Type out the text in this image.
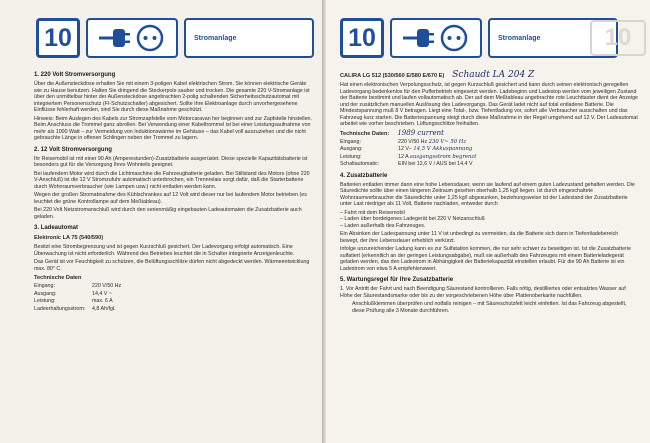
10	Stromanlage
1. 220 Volt Stromversorgung

Über die Außensteckdose erhalten Sie mit einem 3-poligen Kabel elektrischen Strom. Sie können elektrische Geräte wie zu Hause benutzen. Halten Sie dringend die Steckerpole sauber und trocken. Die gesamte 220 V-Stromanlage ist über den unmittelbar hinter der Außensteckdose angebrachten 2-polig schaltenden Sicherheitsschutzautomat mit integriertem Personenschutz (FI-Schutzschalter) abgesichert. Sollte Ihre Elektroanlage durch unvorhergesehene Einflüsse fehlerhaft werden, sind Sie durch diese Maßnahme geschützt.

Hinweis: Beim Auslegen des Kabels zur Stromzapfstelle vom Motorcaravan her beginnen und zur Zapfstelle hinstellen. Beim Anschluss die Trommel ganz abrollen. Bei Verwendung einer Kabeltrommel ist bei einer Leistungsaufnahme von mehr als 1000 Watt – zur Vermeidung von Induktionswärme im Gehäuse – das Kabel voll auszuziehen und die nicht gebrauchte Länge in offenen Schlingen neben der Trommel zu lagern.

2. 12 Volt Stromversorgung

Ihr Reisemobil ist mit einer 90 Ah (Amperestunden)-Zusatzbatterie ausgerüstet. Diese spezielle Kapazitätsbatterie ist besonders gut für die Versorgung Ihres Wohnteils geeignet.

Bei laufendem Motor wird durch die Lichtmaschine die Fahrzeugbatterie geladen. Bei Stillstand des Motors (ohne 220 V-Anschluß) ist die 12 V Stromzufuhr automatisch unterbrochen, ein Trennrelais sorgt dafür, daß die Starterbatterie durch Wohnraumverbraucher (wie Lampen usw.) nicht entladen werden kann.

Wegen der großen Stromabnahme des Kühlschrankes auf 12 Volt wird dieser nur bei laufendem Motor betrieben (es leuchtet die grüne Kontrollampe auf dem Meßtableau).

Bei 220 Volt Netzstromanschluß wird durch den serienmäßig eingebauten Ladeautomaten die Zusatzbatterie auch geladen.

3. Ladeautomat
Elektronic LA 75 (540/590)

Besitzt eine Strombegrenzung und ist gegen Kurzschluß gesichert. Der Ladevorgang erfolgt automatisch. Eine Überwachung ist nicht erforderlich. Während des Betriebes leuchtet die in Schalter integrierte Anzeigenleuchte.

Das Gerät ist vor Feuchtigkeit zu schützen, die Belüftungsschlitze dürfen nicht abgedeckt werden. Wärmeentwicklung max. 80° C.

Technische Daten
Eingang:	220 V/50 Hz
Ausgang:	14,4 V ~
Leistung:	max. 6 A
Ladeerhaltungsstrom:	4,8 Ah/fgl.
10	Stromanlage	10
CALIRA LG 512 (530/560 E/580 E/670 E) Schaudt LA 204 Z

Hat einen elektronischen Verpolungsschutz, ist gegen Kurzschluß gesichert und kann durch seinen elektronisch geregelten Ladevorgang bedenkenlos für den Pufferbetrieb eingesetzt werden. Ladebeginn und Ladestop werden vom jeweiligen Zustand der Batterie bestimmt und laufen vollautomatisch ab. Der auf dem Meßtableau angebrachte rote Leuchttaster dient der Anzeige und der zusätzlichen manuellen Auslösung des Ladevorgangs. Das Gerät ladet nicht auf total entladene Batterie. Die Mindestspannung muß 8 V betragen. Liegt eine Total-, bzw. Tiefentladung vor, sofort alle Verbraucher ausschalten und das Fahrzeug kurz starten. Die Batteriespannung steigt durch diese Maßnahme in der Regel umgehend auf 12 V. Der Ladeautomat arbeitet wie vorher beschrieben. Lüftungsschlitze freihalten.

Technische Daten: 1989 current
Eingang:	220 V/50 Hz 230 V~ 50 Hz
Ausgang:	12 V– 14,5 V Akkuspannung
Leistung:	12 A ausgangsstrom begrenzt
Schaltautomatic:	EIN bei 12,6 V / AUS bei 14,4 V
4. Zusatzbatterie

Batterien entladen immer dann eine hohe Lebensdauer, wenn sie laufend auf einem guten Ladezustand gehalten werden. Die Säuredichte sollte über einen längeren Zeitraum gesehen oberhalb 1,25 kg/l liegen. Ist durch eingeschaltete Wohnraumverbraucher die Säuredichte unter 1,25 kg/l abgesunken, beziehungsweise ist der Ladestand der Zusatzbatterie unter Last niedriger als 11 Volt, Batterie nachladen, entweder durch

– Fahrt mit dem Reisemobil

– Laden über bordeigenes Ladegerät bei 220 V Netzanschluß

– Laden außerhalb des Fahrzeuges.

Ein Absinken der Ladespannung unter 11 V ist unbedingt zu vermeiden, da die Batterie sich dann in Tiefentladebereich bewegt, der ihre Lebensdauer erheblich verkürzt.

Infolge unzureichender Ladung kann es zur Sulfatation kommen, die nur sehr schwer zu beseitigen ist. Ist die Zusatzbatterie sulfatiert (erkenntlich an der geringen Leistungsabgabe), muß sie außerhalb des Fahrzeuges mit einem Batterieladegerät geladen werden, das den Ladestrom in Abhängigkeit der Batteriekapazität einstellen erlaubt. Für die 90 Ah Batterie ist ein Ladestrom von etwa 5 A empfehlenswert.

5. Wartungsregel für Ihre Zusatzbatterie

1. Vor Antritt der Fahrt und nach Beendigung Säurestand kontrollieren. Falls nötig, destilliertes oder entsalztes Wasser auf Höhe der Säurestandsmarke oder bis zu der vorgeschriebenen Höhe über Plattenoberkante nachfüllen.

Anschlußklemmen überprüfen und notfalls reinigen – mit Säureschutzfett leicht einfetten. Ist das Fahrzeug abgestellt, diese Prüfung alle 3 Monate durchführen.
